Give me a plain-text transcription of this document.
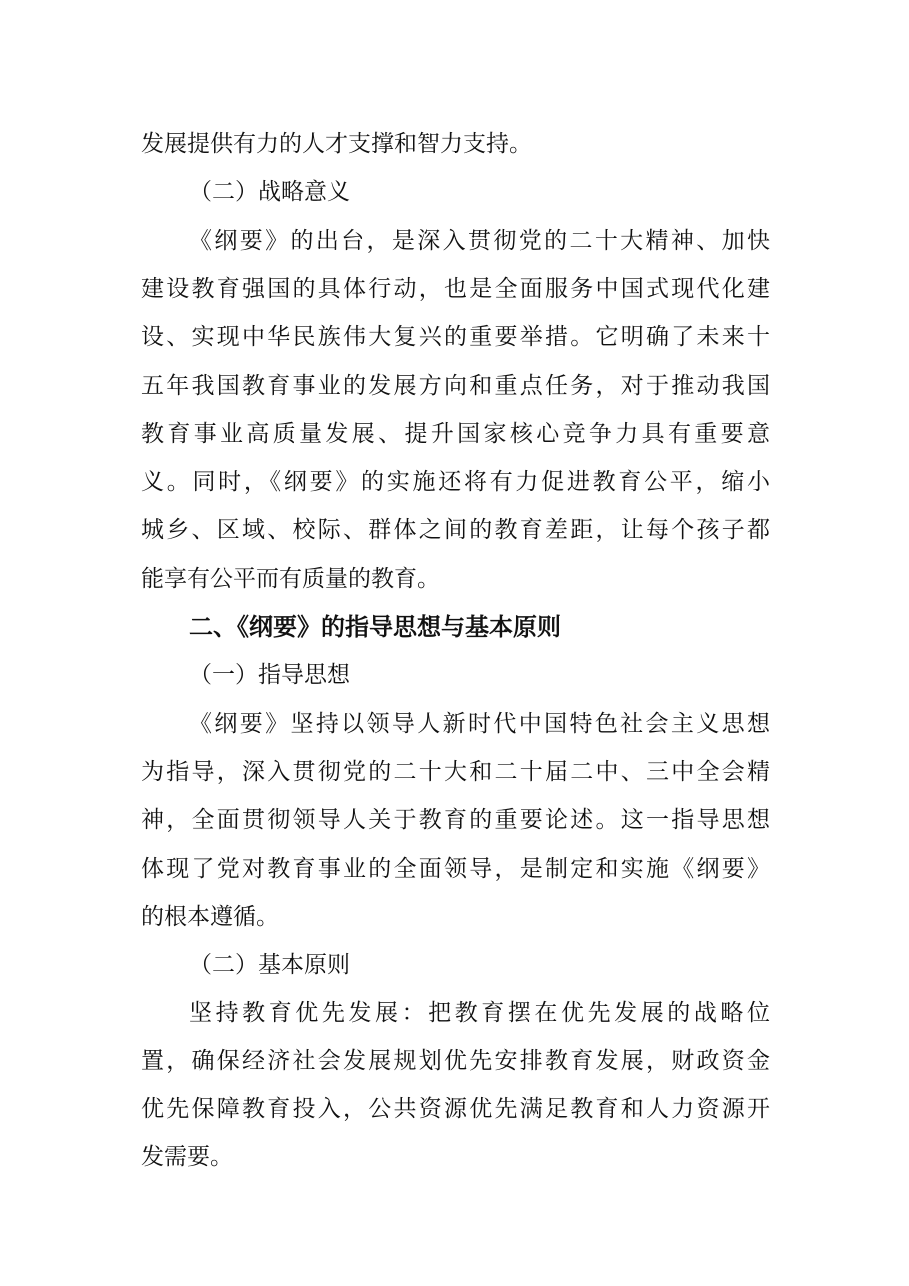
发展提供有力的人才支撑和智力支持。
（二）战略意义
《纲要》的出台，是深入贯彻党的二十大精神、加快
建设教育强国的具体行动，也是全面服务中国式现代化建
设、实现中华民族伟大复兴的重要举措。它明确了未来十
五年我国教育事业的发展方向和重点任务，对于推动我国
教育事业高质量发展、提升国家核心竞争力具有重要意
义。同时，《纲要》的实施还将有力促进教育公平，缩小
城乡、区域、校际、群体之间的教育差距，让每个孩子都
能享有公平而有质量的教育。
二、《纲要》的指导思想与基本原则
（一）指导思想
《纲要》坚持以领导人新时代中国特色社会主义思想
为指导，深入贯彻党的二十大和二十届二中、三中全会精
神，全面贯彻领导人关于教育的重要论述。这一指导思想
体现了党对教育事业的全面领导，是制定和实施《纲要》
的根本遵循。
（二）基本原则
坚持教育优先发展：把教育摆在优先发展的战略位
置，确保经济社会发展规划优先安排教育发展，财政资金
优先保障教育投入，公共资源优先满足教育和人力资源开
发需要。
